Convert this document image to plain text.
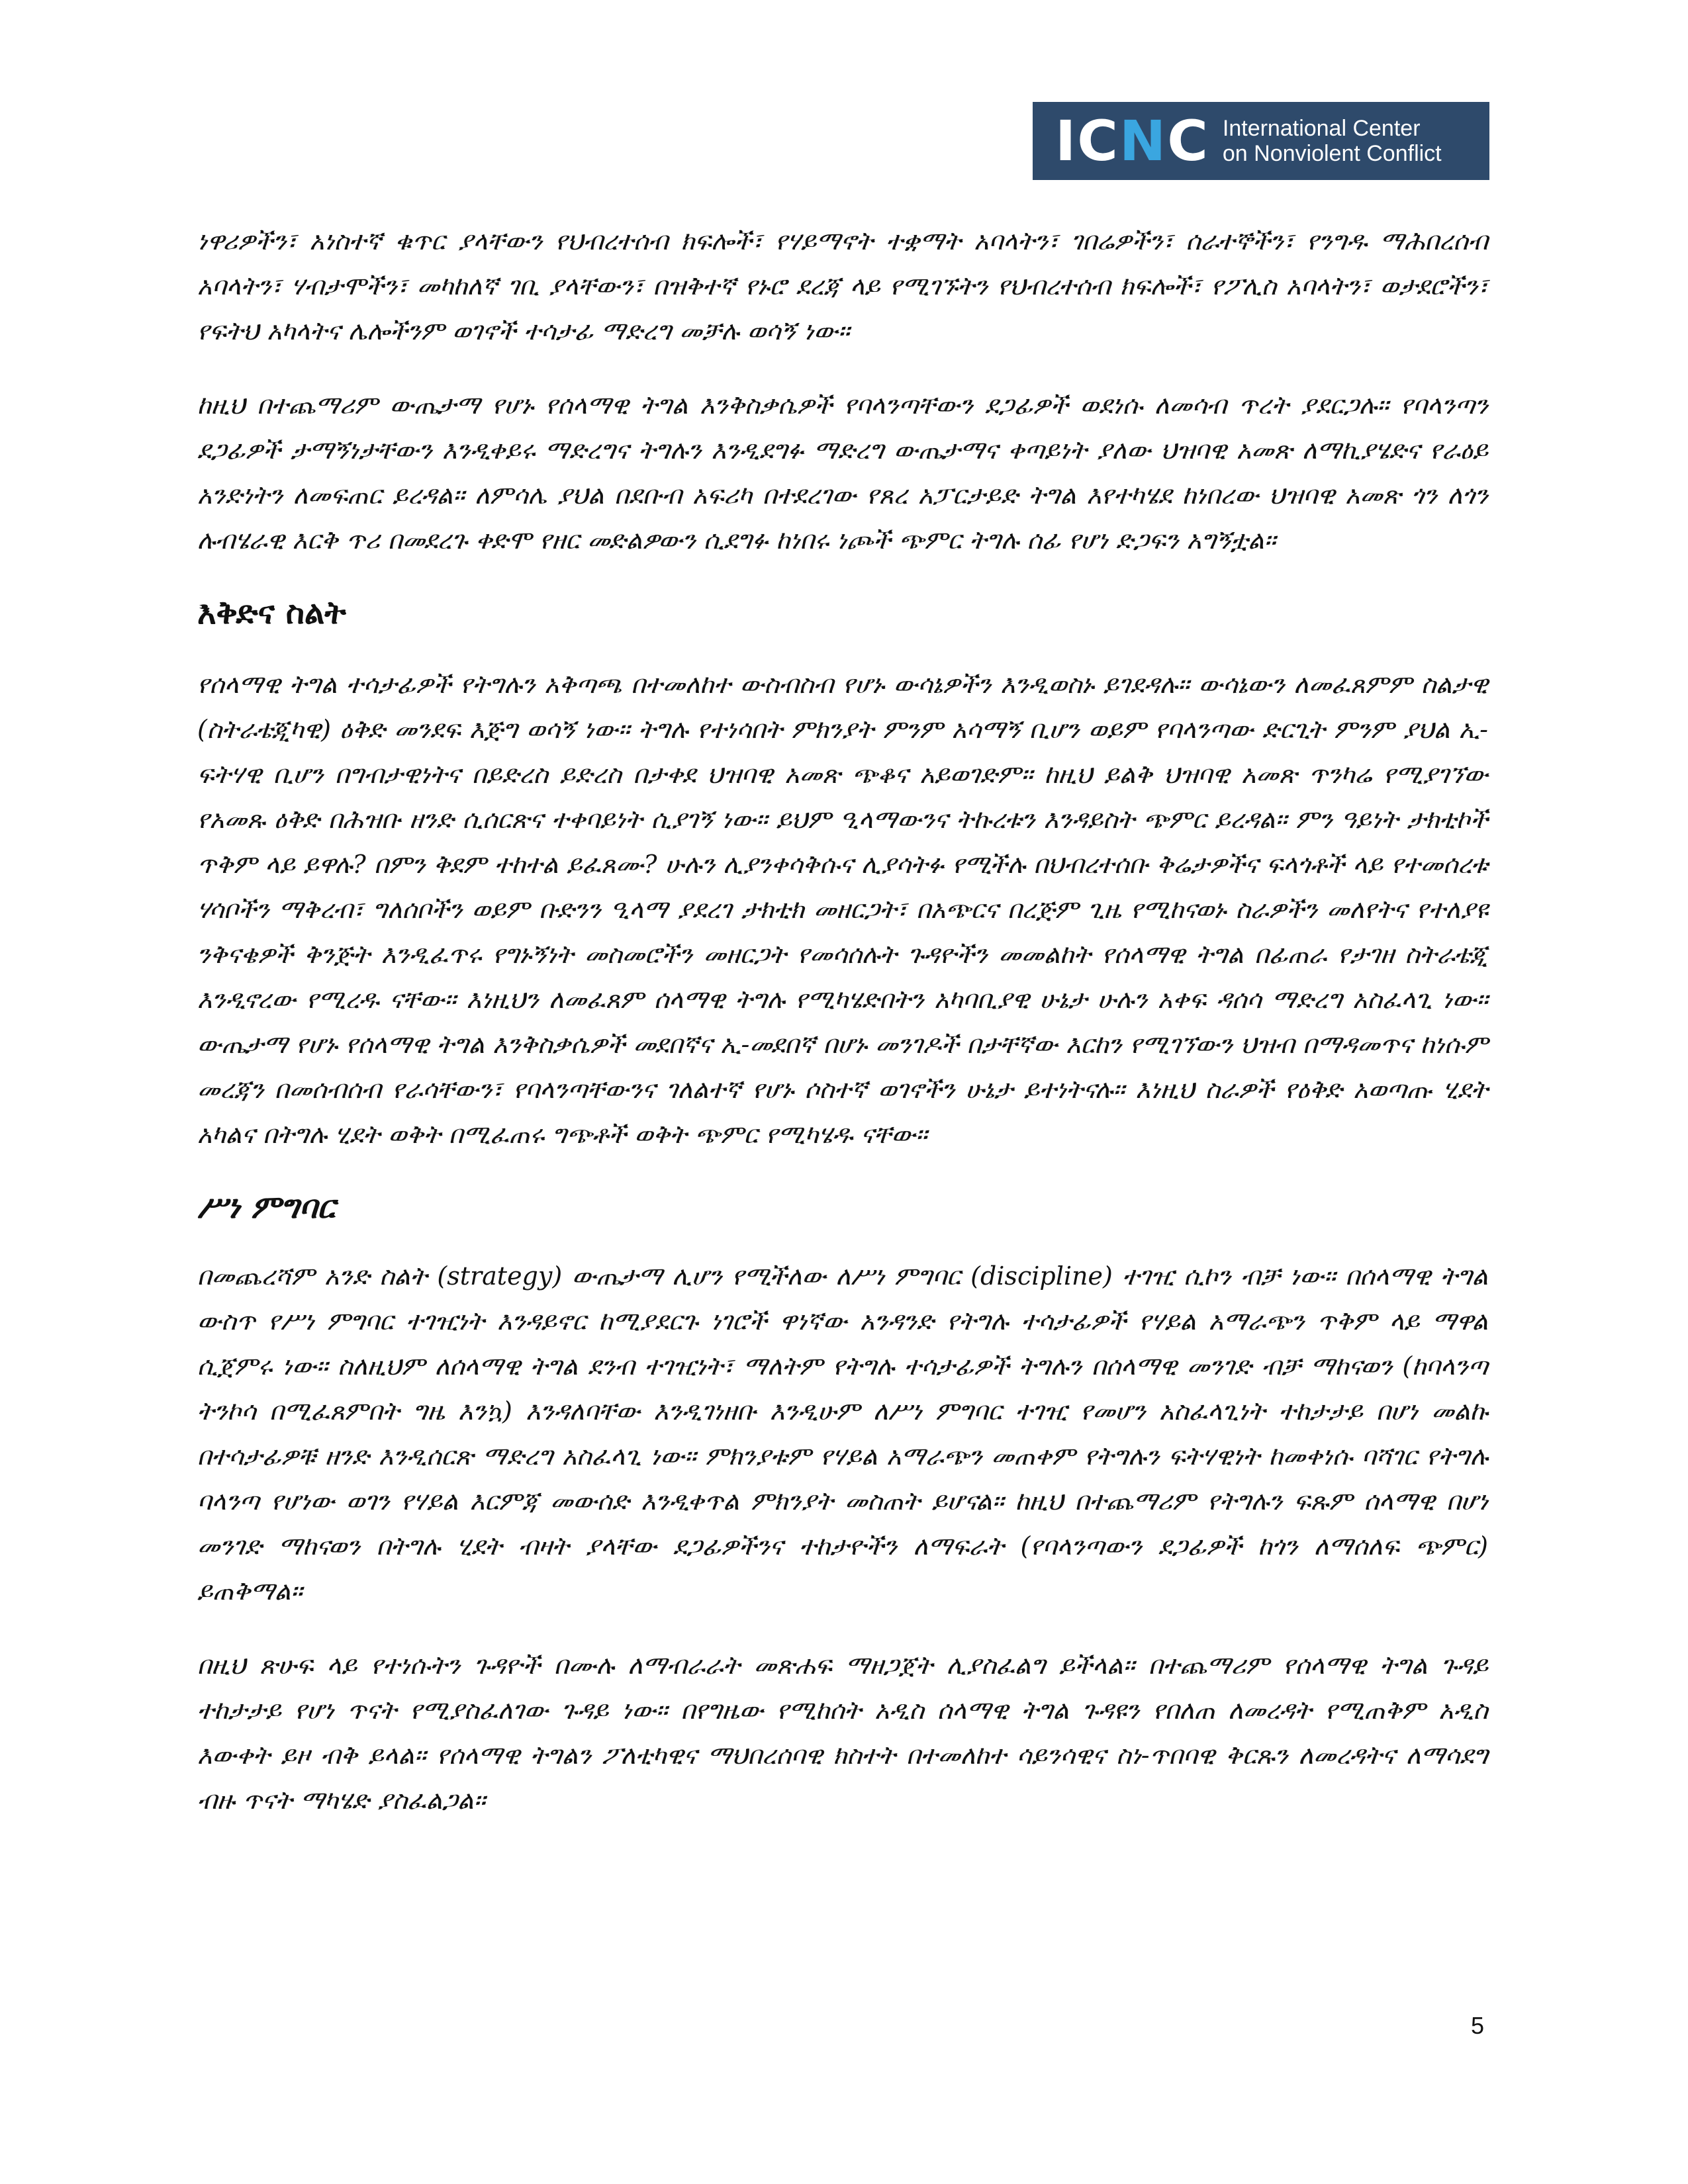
I C N C International Center
on Nonviolent Conflict

ነዋሪዎችን፣ አነስተኛ ቁጥር ያላቸውን የህብረተሰብ ክፍሎች፣ የሃይማኖት ተቋማት አባላትን፣ ገበሬዎችን፣ ሰራተኞችን፣ የንግዱ ማሕበረሰብ አባላትን፣ ሃብታሞችን፣ መካከለኛ ገቢ ያላቸውን፣ በዝቅተኛ የኑሮ ደረጃ ላይ የሚገኙትን የህብረተሰብ ክፍሎች፣ የፖሊስ አባላትን፣ ወታደሮችን፣ የፍትህ አካላትና ሌሎችንም ወገኖች ተሳታፊ ማድረግ መቻሉ ወሳኝ ነው።

ከዚህ በተጨማሪም ውጤታማ የሆኑ የሰላማዊ ትግል እንቅስቃሴዎች የባላንጣቸውን ደጋፊዎች ወደነሱ ለመሳብ ጥረት ያደርጋሉ። የባላንጣን ደጋፊዎች ታማኝነታቸውን እንዲቀይሩ ማድረግና ትግሉን እንዲደግፉ ማድረግ ውጤታማና ቀጣይነት ያለው ህዝባዊ አመጽ ለማኪያሄድና የራዕይ አንድነትን ለመፍጠር ይረዳል። ለምሳሌ ያህል በደቡብ አፍሪካ በተደረገው የጸረ አፓርታይድ ትግል እየተካሄደ ከነበረው ህዝባዊ አመጽ ጎን ለጎን ሉብሄራዊ እርቅ ጥሪ በመደረጉ ቀድሞ የዘር መድልዎውን ሲደግፉ ከነበሩ ነጮች ጭምር ትግሉ ሰፊ የሆነ ድጋፍን አግኝቷል።

እቅድና ስልት

የሰላማዊ ትግል ተሳታፊዎች የትግሉን አቅጣጫ በተመለከተ ውስብስብ የሆኑ ውሳኔዎችን እንዲወስኑ ይገደዳሉ። ውሳኔውን ለመፈጸምም ስልታዊ (ስትራቴጂካዊ) ዕቅድ መንደፍ እጅግ ወሳኝ ነው። ትግሉ የተነሳበት ምክንያት ምንም አሳማኝ ቢሆን ወይም የባላንጣው ድርጊት ምንም ያህል ኢ-ፍትሃዊ ቢሆን በግብታዊነትና በይድረስ ይድረስ በታቀደ ህዝባዊ አመጽ ጭቆና አይወገድም። ከዚህ ይልቅ ህዝባዊ አመጽ ጥንካሬ የሚያገኘው የአመጹ ዕቅድ በሕዝቡ ዘንድ ሲሰርጽና ተቀባይነት ሲያገኝ ነው። ይህም ዒላማውንና ትኩረቱን እንዳይስት ጭምር ይረዳል። ምን ዓይነት ታክቲኮች ጥቅም ላይ ይዋሉ? በምን ቅደም ተከተል ይፈጸሙ? ሁሉን ሊያንቀሳቅሱና ሊያሳትፉ የሚችሉ በህብረተሰቡ ቅሬታዎችና ፍላጎቶች ላይ የተመሰረቱ ሃሳቦችን ማቅረብ፣ ግለሰቦችን ወይም ቡድንን ዒላማ ያደረገ ታክቲክ መዘርጋት፣ በአጭርና በረጅም ጊዜ የሚከናወኑ ስራዎችን መለየትና የተለያዩ ንቅናቄዎች ቅንጅት እንዲፈጥሩ የግኑኝነት መስመሮችን መዘርጋት የመሳሰሉት ጉዳዮችን መመልከት የሰላማዊ ትግል በፊጠራ የታገዘ ስትራቴጂ እንዲኖረው የሚረዱ ናቸው። እነዚህን ለመፈጸም ሰላማዊ ትግሉ የሚካሄድበትን አካባቢያዊ ሁኔታ ሁሉን አቀፍ ዳሰሳ ማድረግ አስፈላጊ ነው። ውጤታማ የሆኑ የሰላማዊ ትግል እንቅስቃሴዎች መደበኛና ኢ-መደበኛ በሆኑ መንገዶች በታቸኛው እርከን የሚገኘውን ህዝብ በማዳመጥና ከነሱም መረጃን በመሰብሰብ የራሳቸውን፣ የባላንጣቸውንና ገለልተኛ የሆኑ ሶስተኛ ወገኖችን ሁኔታ ይተነትናሉ። እነዚህ ስራዎች የዕቅድ አወጣጡ ሂደት አካልና በትግሉ ሂደት ወቅት በሚፈጠሩ ግጭቶች ወቅት ጭምር የሚካሄዱ ናቸው።

ሥነ ምግባር

በመጨረሻም አንድ ስልት (strategy) ውጤታማ ሊሆን የሚችለው ለሥነ ምግባር (discipline) ተገዢ ሲኮን ብቻ ነው። በሰላማዊ ትግል ውስጥ የሥነ ምግባር ተገዢነት እንዳይኖር ከሚያደርጉ ነገሮች ዋነኛው አንዳንድ የትግሉ ተሳታፊዎች የሃይል አማራጭን ጥቅም ላይ ማዋል ሲጀምሩ ነው። ስለዚህም ለሰላማዊ ትግል ደንብ ተገዢነት፣ ማለትም የትግሉ ተሳታፊዎች ትግሉን በሰላማዊ መንገድ ብቻ ማከናወን (ከባላንጣ ትንኮሳ በሚፈጸምበት ግዜ እንኳ) እንዳለባቸው እንዲገነዘቡ እንዲሁም ለሥነ ምግባር ተገዢ የመሆን አስፈላጊነት ተከታታይ በሆነ መልኩ በተሳታፊዎቹ ዘንድ እንዲሰርጽ ማድረግ አስፈላጊ ነው። ምክንያቱም የሃይል አማራጭን መጠቀም የትግሉን ፍትሃዊነት ከመቀነሱ ባሻገር የትግሉ ባላንጣ የሆነው ወገን የሃይል እርምጃ መውሰድ እንዲቀጥል ምክንያት መስጠት ይሆናል። ከዚህ በተጨማሪም የትግሉን ፍጹም ሰላማዊ በሆነ መንገድ ማከናወን በትግሉ ሂደት ብዛት ያላቸው ደጋፊዎችንና ተከታዮችን ለማፍራት (የባላንጣውን ደጋፊዎች ከጎን ለማሰለፍ ጭምር) ይጠቅማል።

በዚህ ጽሁፍ ላይ የተነሱትን ጉዳዮች በሙሉ ለማብራራት መጽሐፍ ማዘጋጀት ሊያስፈልግ ይችላል። በተጨማሪም የሰላማዊ ትግል ጉዳይ ተከታታይ የሆነ ጥናት የሚያስፈለገው ጉዳይ ነው። በየግዜው የሚከሰት አዲስ ሰላማዊ ትግል ጉዳዩን የበለጠ ለመረዳት የሚጠቅም አዲስ እውቀት ይዞ ብቅ ይላል። የሰላማዊ ትግልን ፖለቲካዊና ማህበረሰባዊ ክስተት በተመለከተ ሳይንሳዊና ስነ-ጥበባዊ ቅርጹን ለመረዳትና ለማሳደግ ብዙ ጥናት ማካሄድ ያስፈልጋል።

5
